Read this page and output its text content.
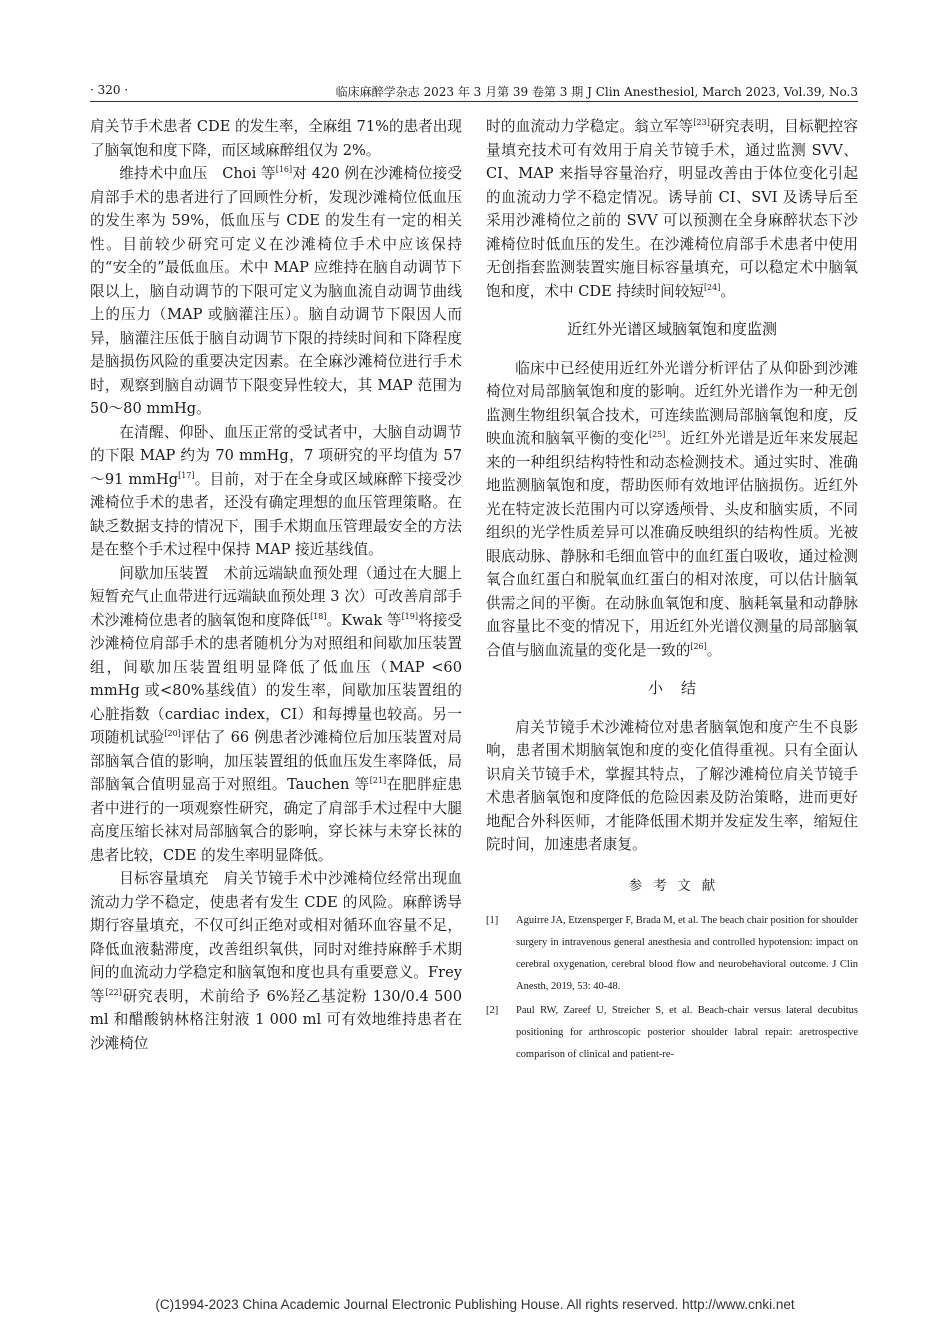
· 320 ·	临床麻醉学杂志 2023 年 3 月第 39 卷第 3 期 J Clin Anesthesiol, March 2023, Vol.39, No.3

肩关节手术患者 CDE 的发生率，全麻组 71%的患者出现了脑氧饱和度下降，而区域麻醉组仅为 2%。

维持术中血压　Choi 等[16]对 420 例在沙滩椅位接受肩部手术的患者进行了回顾性分析，发现沙滩椅位低血压的发生率为 59%，低血压与 CDE 的发生有一定的相关性。目前较少研究可定义在沙滩椅位手术中应该保持的“安全的”最低血压。术中 MAP 应维持在脑自动调节下限以上，脑自动调节的下限可定义为脑血流自动调节曲线上的压力（MAP 或脑灌注压）。脑自动调节下限因人而异，脑灌注压低于脑自动调节下限的持续时间和下降程度是脑损伤风险的重要决定因素。在全麻沙滩椅位进行手术时，观察到脑自动调节下限变异性较大，其 MAP 范围为 50～80 mmHg。

在清醒、仰卧、血压正常的受试者中，大脑自动调节的下限 MAP 约为 70 mmHg，7 项研究的平均值为 57～91 mmHg[17]。目前，对于在全身或区域麻醉下接受沙滩椅位手术的患者，还没有确定理想的血压管理策略。在缺乏数据支持的情况下，围手术期血压管理最安全的方法是在整个手术过程中保持 MAP 接近基线值。

间歇加压装置　术前远端缺血预处理（通过在大腿上短暂充气止血带进行远端缺血预处理 3 次）可改善肩部手术沙滩椅位患者的脑氧饱和度降低[18]。Kwak 等[19]将接受沙滩椅位肩部手术的患者随机分为对照组和间歇加压装置组，间歇加压装置组明显降低了低血压（MAP <60 mmHg 或<80%基线值）的发生率，间歇加压装置组的心脏指数（cardiac index，CI）和每搏量也较高。另一项随机试验[20]评估了 66 例患者沙滩椅位后加压装置对局部脑氧合值的影响，加压装置组的低血压发生率降低，局部脑氧合值明显高于对照组。Tauchen 等[21]在肥胖症患者中进行的一项观察性研究，确定了肩部手术过程中大腿高度压缩长袜对局部脑氧合的影响，穿长袜与未穿长袜的患者比较，CDE 的发生率明显降低。

目标容量填充　肩关节镜手术中沙滩椅位经常出现血流动力学不稳定，使患者有发生 CDE 的风险。麻醉诱导期行容量填充，不仅可纠正绝对或相对循环血容量不足，降低血液黏滞度，改善组织氧供，同时对维持麻醉手术期间的血流动力学稳定和脑氧饱和度也具有重要意义。Frey 等[22]研究表明，术前给予 6%羟乙基淀粉 130/0.4 500 ml 和醋酸钠林格注射液 1 000 ml 可有效地维持患者在沙滩椅位

时的血流动力学稳定。翁立军等[23]研究表明，目标靶控容量填充技术可有效用于肩关节镜手术，通过监测 SVV、CI、MAP 来指导容量治疗，明显改善由于体位变化引起的血流动力学不稳定情况。诱导前 CI、SVI 及诱导后至采用沙滩椅位之前的 SVV 可以预测在全身麻醉状态下沙滩椅位时低血压的发生。在沙滩椅位肩部手术患者中使用无创指套监测装置实施目标容量填充，可以稳定术中脑氧饱和度，术中 CDE 持续时间较短[24]。

近红外光谱区域脑氧饱和度监测

临床中已经使用近红外光谱分析评估了从仰卧到沙滩椅位对局部脑氧饱和度的影响。近红外光谱作为一种无创监测生物组织氧合技术，可连续监测局部脑氧饱和度，反映血流和脑氧平衡的变化[25]。近红外光谱是近年来发展起来的一种组织结构特性和动态检测技术。通过实时、准确地监测脑氧饱和度，帮助医师有效地评估脑损伤。近红外光在特定波长范围内可以穿透颅骨、头皮和脑实质，不同组织的光学性质差异可以准确反映组织的结构性质。光被眼底动脉、静脉和毛细血管中的血红蛋白吸收，通过检测氧合血红蛋白和脱氧血红蛋白的相对浓度，可以估计脑氧供需之间的平衡。在动脉血氧饱和度、脑耗氧量和动静脉血容量比不变的情况下，用近红外光谱仪测量的局部脑氧合值与脑血流量的变化是一致的[26]。

小结

肩关节镜手术沙滩椅位对患者脑氧饱和度产生不良影响，患者围术期脑氧饱和度的变化值得重视。只有全面认识肩关节镜手术，掌握其特点，了解沙滩椅位肩关节镜手术患者脑氧饱和度降低的危险因素及防治策略，进而更好地配合外科医师，才能降低围术期并发症发生率，缩短住院时间，加速患者康复。

参考文献
[1]	Aguirre JA, Etzensperger F, Brada M, et al. The beach chair position for shoulder surgery in intravenous general anesthesia and controlled hypotension: impact on cerebral oxygenation, cerebral blood flow and neurobehavioral outcome. J Clin Anesth, 2019, 53: 40-48.
[2]	Paul RW, Zareef U, Streicher S, et al. Beach-chair versus lateral decubitus positioning for arthroscopic posterior shoulder labral repair: aretrospective comparison of clinical and patient-re-
(C)1994-2023 China Academic Journal Electronic Publishing House. All rights reserved. http://www.cnki.net
